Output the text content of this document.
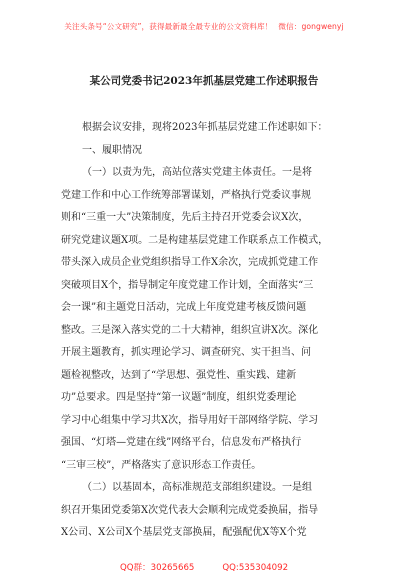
关注头条号“公文研究”，获得最新最全最专业的公文资料库！ 微信：gongwenyj
某公司党委书记2023年抓基层党建工作述职报告
根据会议安排，现将2023年抓基层党建工作述职如下：
一、履职情况
（一）以责为先，高站位落实党建主体责任。一是将
党建工作和中心工作统筹部署谋划，严格执行党委议事规
则和“三重一大”决策制度，先后主持召开党委会议X次，
研究党建议题X项。二是构建基层党建工作联系点工作模式，
带头深入成员企业党组织指导工作X余次，完成抓党建工作
突破项目X个，指导制定年度党建工作计划，全面落实“三
会一课”和主题党日活动，完成上年度党建考核反馈问题
整改。三是深入落实党的二十大精神，组织宣讲X次。深化
开展主题教育，抓实理论学习、调查研究、实干担当、问
题检视整改，达到了“学思想、强党性、重实践、建新
功”总要求。四是坚持“第一议题”制度，组织党委理论
学习中心组集中学习共X次，指导用好干部网络学院、学习
强国、“灯塔—党建在线”网络平台，信息发布严格执行
“三审三校”，严格落实了意识形态工作责任。
（二）以基固本，高标准规范支部组织建设。一是组
织召开集团党委第X次党代表大会顺利完成党委换届，指导
X公司、X公司X个基层党支部换届，配强配优X等X个党
QQ群：30265665	QQ:535304092
